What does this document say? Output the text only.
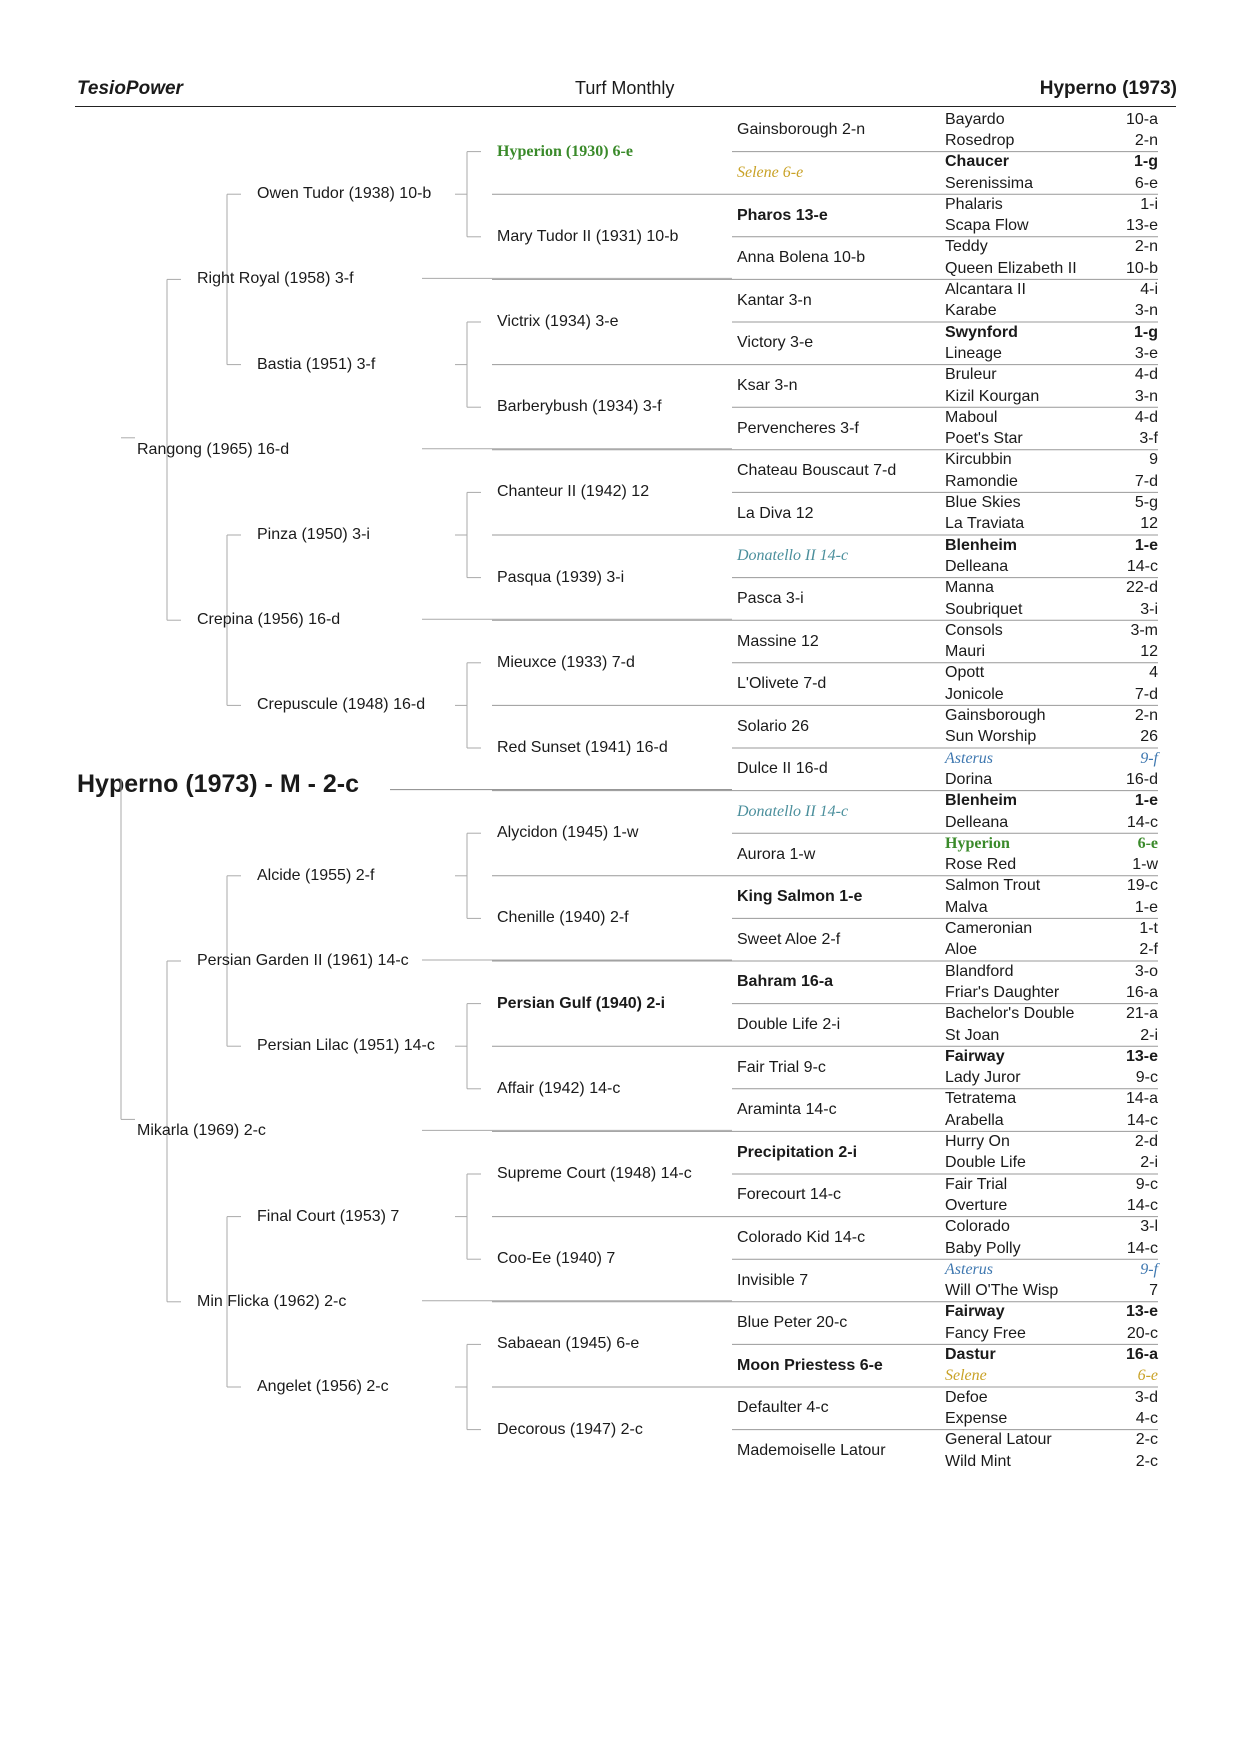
TesioPower	Turf Monthly	Hyperno (1973)
Hyperno (1973) - M - 2-c
Bayardo	10-a
Rosedrop	2-n
Chaucer	1-g
Serenissima	6-e
Phalaris	1-i
Scapa Flow	13-e
Teddy	2-n
Queen Elizabeth II	10-b
Alcantara II	4-i
Karabe	3-n
Swynford	1-g
Lineage	3-e
Bruleur	4-d
Kizil Kourgan	3-n
Maboul	4-d
Poet's Star	3-f
Kircubbin	9
Ramondie	7-d
Blue Skies	5-g
La Traviata	12
Blenheim	1-e
Delleana	14-c
Manna	22-d
Soubriquet	3-i
Consols	3-m
Mauri	12
Opott	4
Jonicole	7-d
Gainsborough	2-n
Sun Worship	26
Asterus	9-f
Dorina	16-d
Blenheim	1-e
Delleana	14-c
Hyperion	6-e
Rose Red	1-w
Salmon Trout	19-c
Malva	1-e
Cameronian	1-t
Aloe	2-f
Blandford	3-o
Friar's Daughter	16-a
Bachelor's Double	21-a
St Joan	2-i
Fairway	13-e
Lady Juror	9-c
Tetratema	14-a
Arabella	14-c
Hurry On	2-d
Double Life	2-i
Fair Trial	9-c
Overture	14-c
Colorado	3-l
Baby Polly	14-c
Asterus	9-f
Will O'The Wisp	7
Fairway	13-e
Fancy Free	20-c
Dastur	16-a
Selene	6-e
Defoe	3-d
Expense	4-c
General Latour	2-c
Wild Mint	2-c
Gainsborough 2-n
Selene 6-e
Pharos 13-e
Anna Bolena 10-b
Kantar 3-n
Victory 3-e
Ksar 3-n
Pervencheres 3-f
Chateau Bouscaut 7-d
La Diva 12
Donatello II 14-c
Pasca 3-i
Massine 12
L'Olivete 7-d
Solario 26
Dulce II 16-d
Donatello II 14-c
Aurora 1-w
King Salmon 1-e
Sweet Aloe 2-f
Bahram 16-a
Double Life 2-i
Fair Trial 9-c
Araminta 14-c
Precipitation 2-i
Forecourt 14-c
Colorado Kid 14-c
Invisible 7
Blue Peter 20-c
Moon Priestess 6-e
Defaulter 4-c
Mademoiselle Latour
Hyperion (1930) 6-e
Mary Tudor II (1931) 10-b
Victrix (1934) 3-e
Barberybush (1934) 3-f
Chanteur II (1942) 12
Pasqua (1939) 3-i
Mieuxce (1933) 7-d
Red Sunset (1941) 16-d
Alycidon (1945) 1-w
Chenille (1940) 2-f
Persian Gulf (1940) 2-i
Affair (1942) 14-c
Supreme Court (1948) 14-c
Coo-Ee (1940) 7
Sabaean (1945) 6-e
Decorous (1947) 2-c
Owen Tudor (1938) 10-b
Bastia (1951) 3-f
Pinza (1950) 3-i
Crepuscule (1948) 16-d
Alcide (1955) 2-f
Persian Lilac (1951) 14-c
Final Court (1953) 7
Angelet (1956) 2-c
Right Royal (1958) 3-f
Crepina (1956) 16-d
Persian Garden II (1961) 14-c
Min Flicka (1962) 2-c
Rangong (1965) 16-d
Mikarla (1969) 2-c
